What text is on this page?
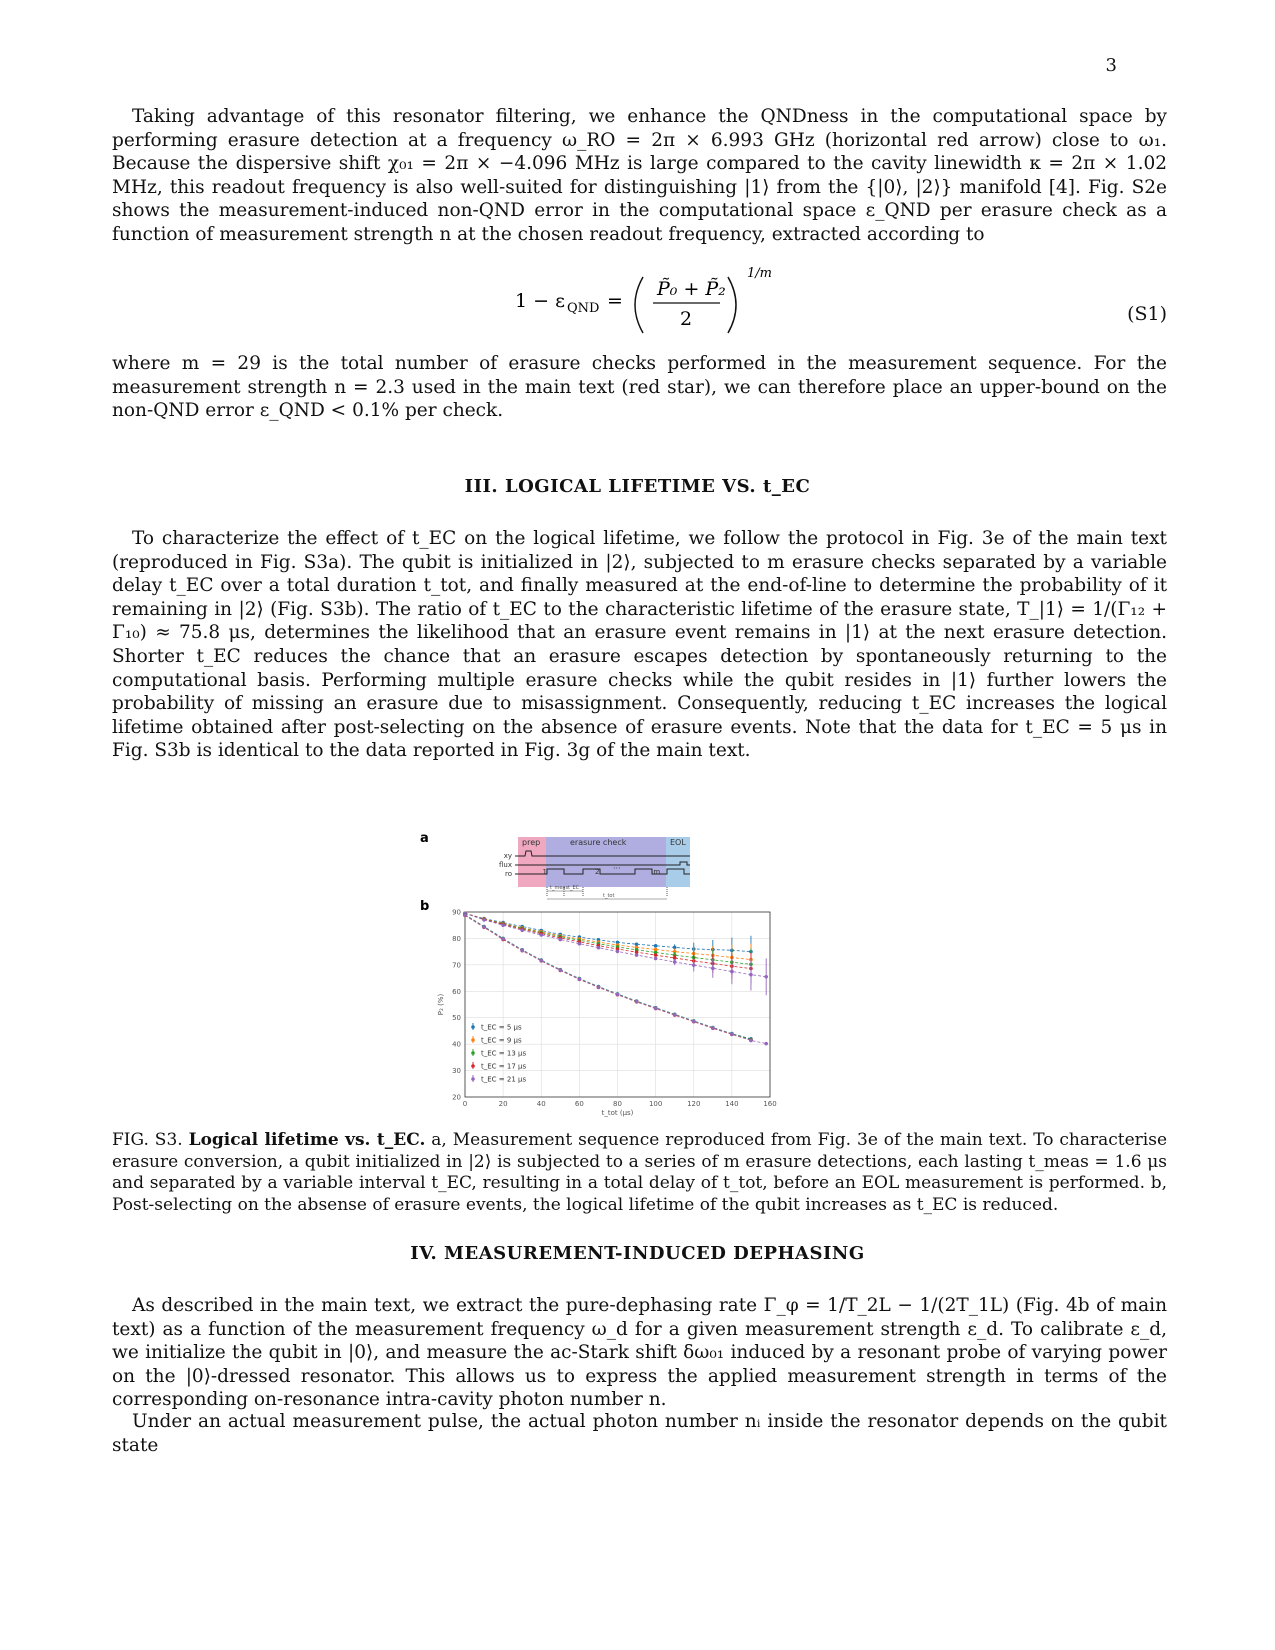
3

Taking advantage of this resonator filtering, we enhance the QNDness in the computational space by performing erasure detection at a frequency ω_RO = 2π × 6.993 GHz (horizontal red arrow) close to ω₁. Because the dispersive shift χ₀₁ = 2π × −4.096 MHz is large compared to the cavity linewidth κ = 2π × 1.02 MHz, this readout frequency is also well-suited for distinguishing |1⟩ from the {|0⟩, |2⟩} manifold [4]. Fig. S2e shows the measurement-induced non-QND error in the computational space ε_QND per erasure check as a function of measurement strength n at the chosen readout frequency, extracted according to

1 − ε QND =
P̃₀ + P̃₂
2
1/m
(S1)

where m = 29 is the total number of erasure checks performed in the measurement sequence. For the measurement strength n = 2.3 used in the main text (red star), we can therefore place an upper-bound on the non-QND error ε_QND < 0.1% per check.

III. LOGICAL LIFETIME VS. t_EC

To characterize the effect of t_EC on the logical lifetime, we follow the protocol in Fig. 3e of the main text (reproduced in Fig. S3a). The qubit is initialized in |2⟩, subjected to m erasure checks separated by a variable delay t_EC over a total duration t_tot, and finally measured at the end-of-line to determine the probability of it remaining in |2⟩ (Fig. S3b). The ratio of t_EC to the characteristic lifetime of the erasure state, T_|1⟩ = 1/(Γ₁₂ + Γ₁₀) ≈ 75.8 μs, determines the likelihood that an erasure event remains in |1⟩ at the next erasure detection. Shorter t_EC reduces the chance that an erasure escapes detection by spontaneously returning to the computational basis. Performing multiple erasure checks while the qubit resides in |1⟩ further lowers the probability of missing an erasure due to misassignment. Consequently, reducing t_EC increases the logical lifetime obtained after post-selecting on the absence of erasure events. Note that the data for t_EC = 5 μs in Fig. S3b is identical to the data reported in Fig. 3g of the main text.

a
b
prep	erasure check	EOL
xy
flux
ro	1	2	m
···
t_meas t_EC
t_tot
0	20	40	60	80	100	120	140	160
20
30
40
50
60
70
80
90
t_EC = 5 μs
t_EC = 9 μs
t_EC = 13 μs
t_EC = 17 μs
t_EC = 21 μs
t_tot (μs)
P₂ (%)

FIG. S3. Logical lifetime vs. t_EC. a, Measurement sequence reproduced from Fig. 3e of the main text. To characterise erasure conversion, a qubit initialized in |2⟩ is subjected to a series of m erasure detections, each lasting t_meas = 1.6 μs and separated by a variable interval t_EC, resulting in a total delay of t_tot, before an EOL measurement is performed. b, Post-selecting on the absense of erasure events, the logical lifetime of the qubit increases as t_EC is reduced.

IV. MEASUREMENT-INDUCED DEPHASING

As described in the main text, we extract the pure-dephasing rate Γ_φ = 1/T_2L − 1/(2T_1L) (Fig. 4b of main text) as a function of the measurement frequency ω_d for a given measurement strength ε_d. To calibrate ε_d, we initialize the qubit in |0⟩, and measure the ac-Stark shift δω₀₁ induced by a resonant probe of varying power on the |0⟩-dressed resonator. This allows us to express the applied measurement strength in terms of the corresponding on-resonance intra-cavity photon number n.

Under an actual measurement pulse, the actual photon number nᵢ inside the resonator depends on the qubit state
